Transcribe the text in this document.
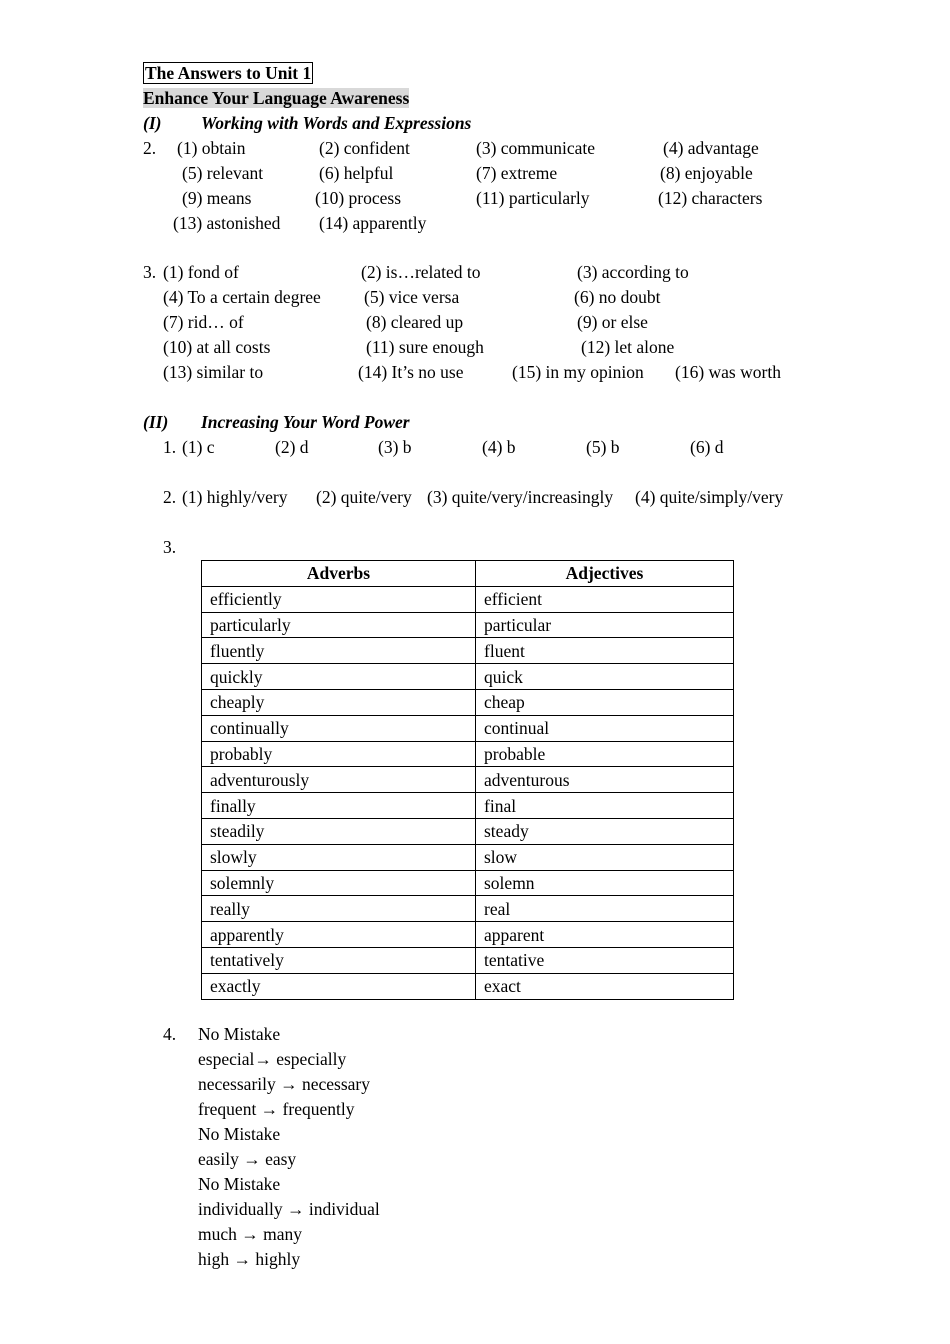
The Answers to Unit 1
Enhance Your Language Awareness
(I) Working with Words and Expressions
2. (1) obtain	(2) confident	(3) communicate	(4) advantage
(5) relevant	(6) helpful	(7) extreme	(8) enjoyable
(9) means	(10) process	(11) particularly	(12) characters
(13) astonished (14) apparently
3. (1) fond of	(2) is…related to	(3) according to
(4) To a certain degree (5) vice versa	(6) no doubt
(7) rid… of	(8) cleared up	(9) or else
(10) at all costs	(11) sure enough	(12) let alone
(13) similar to	(14) It’s no use	(15) in my opinion (16) was worth
(II) Increasing Your Word Power
1. (1) c	(2) d	(3) b	(4) b	(5) b	(6) d
2. (1) highly/very (2) quite/very (3) quite/very/increasingly (4) quite/simply/very
3.
Adverbs	Adjectives
efficiently	efficient
particularly	particular
fluently	fluent
quickly	quick
cheaply	cheap
continually	continual
probably	probable
adventurously	adventurous
finally	final
steadily	steady
slowly	slow
solemnly	solemn
really	real
apparently	apparent
tentatively	tentative
exactly	exact
4. No Mistake
especial→ especially
necessarily → necessary
frequent → frequently
No Mistake
easily → easy
No Mistake
individually → individual
much → many
high → highly
